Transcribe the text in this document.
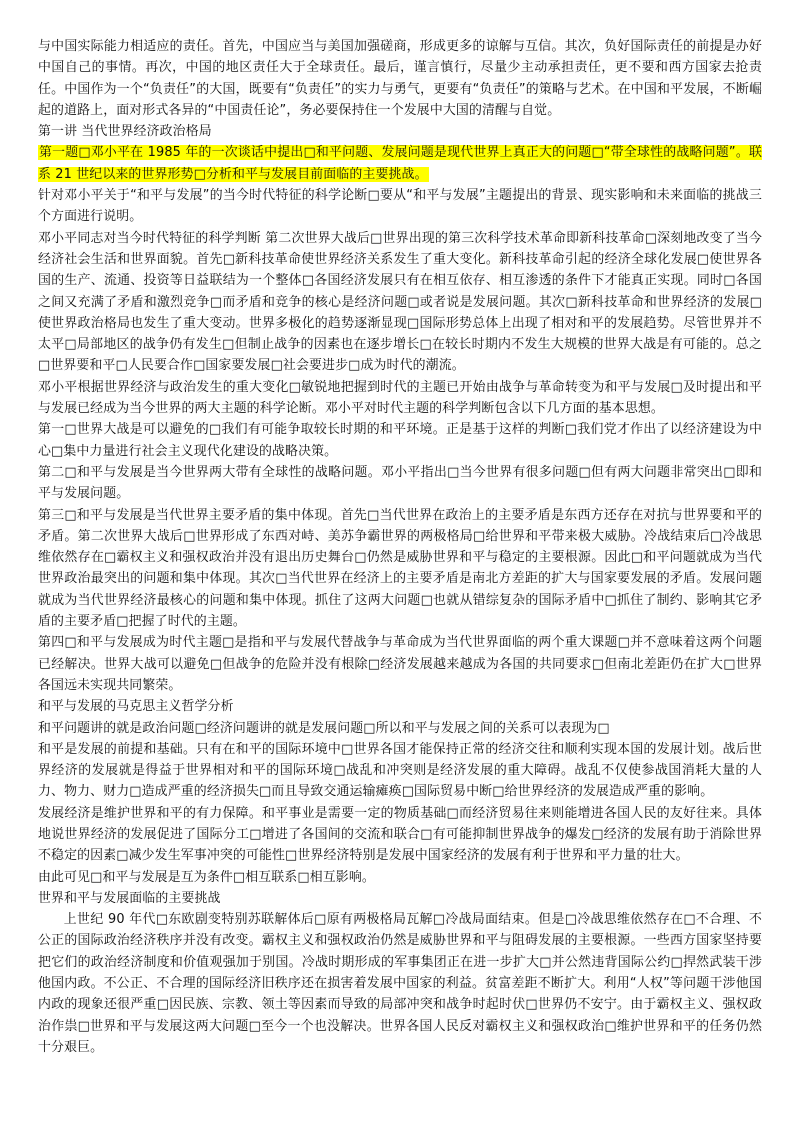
与中国实际能力相适应的责任。首先，中国应当与美国加强磋商，形成更多的谅解与互信。其次，负好国际责任的前提是办好中国自己的事情。再次，中国的地区责任大于全球责任。最后，谨言慎行，尽量少主动承担责任，更不要和西方国家去抢责任。中国作为一个“负责任”的大国，既要有“负责任”的实力与勇气，更要有“负责任”的策略与艺术。在中国和平发展，不断崛起的道路上，面对形式各异的“中国责任论”，务必要保持住一个发展中大国的清醒与自觉。

第一讲 当代世界经济政治格局

第一题□邓小平在 1985 年的一次谈话中提出□和平问题、发展问题是现代世界上真正大的问题□“带全球性的战略问题”。联系 21 世纪以来的世界形势□分析和平与发展目前面临的主要挑战。

针对邓小平关于“和平与发展”的当今时代特征的科学论断□要从“和平与发展”主题提出的背景、现实影响和未来面临的挑战三个方面进行说明。

邓小平同志对当今时代特征的科学判断 第二次世界大战后□世界出现的第三次科学技术革命即新科技革命□深刻地改变了当今经济社会生活和世界面貌。首先□新科技革命使世界经济关系发生了重大变化。新科技革命引起的经济全球化发展□使世界各国的生产、流通、投资等日益联结为一个整体□各国经济发展只有在相互依存、相互渗透的条件下才能真正实现。同时□各国之间又充满了矛盾和激烈竞争□而矛盾和竞争的核心是经济问题□或者说是发展问题。其次□新科技革命和世界经济的发展□使世界政治格局也发生了重大变动。世界多极化的趋势逐渐显现□国际形势总体上出现了相对和平的发展趋势。尽管世界并不太平□局部地区的战争仍有发生□但制止战争的因素也在逐步增长□在较长时期内不发生大规模的世界大战是有可能的。总之□世界要和平□人民要合作□国家要发展□社会要进步□成为时代的潮流。

邓小平根据世界经济与政治发生的重大变化□敏锐地把握到时代的主题已开始由战争与革命转变为和平与发展□及时提出和平与发展已经成为当今世界的两大主题的科学论断。邓小平对时代主题的科学判断包含以下几方面的基本思想。

第一□世界大战是可以避免的□我们有可能争取较长时期的和平环境。正是基于这样的判断□我们党才作出了以经济建设为中心□集中力量进行社会主义现代化建设的战略决策。

第二□和平与发展是当今世界两大带有全球性的战略问题。邓小平指出□当今世界有很多问题□但有两大问题非常突出□即和平与发展问题。

第三□和平与发展是当代世界主要矛盾的集中体现。首先□当代世界在政治上的主要矛盾是东西方还存在对抗与世界要和平的矛盾。第二次世界大战后□世界形成了东西对峙、美苏争霸世界的两极格局□给世界和平带来极大威胁。冷战结束后□冷战思维依然存在□霸权主义和强权政治并没有退出历史舞台□仍然是威胁世界和平与稳定的主要根源。因此□和平问题就成为当代世界政治最突出的问题和集中体现。其次□当代世界在经济上的主要矛盾是南北方差距的扩大与国家要发展的矛盾。发展问题就成为当代世界经济最核心的问题和集中体现。抓住了这两大问题□也就从错综复杂的国际矛盾中□抓住了制约、影响其它矛盾的主要矛盾□把握了时代的主题。

第四□和平与发展成为时代主题□是指和平与发展代替战争与革命成为当代世界面临的两个重大课题□并不意味着这两个问题已经解决。世界大战可以避免□但战争的危险并没有根除□经济发展越来越成为各国的共同要求□但南北差距仍在扩大□世界各国远未实现共同繁荣。

和平与发展的马克思主义哲学分析

和平问题讲的就是政治问题□经济问题讲的就是发展问题□所以和平与发展之间的关系可以表现为□

和平是发展的前提和基础。只有在和平的国际环境中□世界各国才能保持正常的经济交往和顺利实现本国的发展计划。战后世界经济的发展就是得益于世界相对和平的国际环境□战乱和冲突则是经济发展的重大障碍。战乱不仅使参战国消耗大量的人力、物力、财力□造成严重的经济损失□而且导致交通运输瘫痪□国际贸易中断□给世界经济的发展造成严重的影响。

发展经济是维护世界和平的有力保障。和平事业是需要一定的物质基础□而经济贸易往来则能增进各国人民的友好往来。具体地说世界经济的发展促进了国际分工□增进了各国间的交流和联合□有可能抑制世界战争的爆发□经济的发展有助于消除世界不稳定的因素□减少发生军事冲突的可能性□世界经济特别是发展中国家经济的发展有利于世界和平力量的壮大。

由此可见□和平与发展是互为条件□相互联系□相互影响。

世界和平与发展面临的主要挑战

上世纪 90 年代□东欧剧变特别苏联解体后□原有两极格局瓦解□冷战局面结束。但是□冷战思维依然存在□不合理、不公正的国际政治经济秩序并没有改变。霸权主义和强权政治仍然是威胁世界和平与阻碍发展的主要根源。一些西方国家坚持要把它们的政治经济制度和价值观强加于别国。冷战时期形成的军事集团正在进一步扩大□并公然违背国际公约□捍然武装干涉他国内政。不公正、不合理的国际经济旧秩序还在损害着发展中国家的利益。贫富差距不断扩大。利用“人权”等问题干涉他国内政的现象还很严重□因民族、宗教、领土等因素而导致的局部冲突和战争时起时伏□世界仍不安宁。由于霸权主义、强权政治作祟□世界和平与发展这两大问题□至今一个也没解决。世界各国人民反对霸权主义和强权政治□维护世界和平的任务仍然十分艰巨。
